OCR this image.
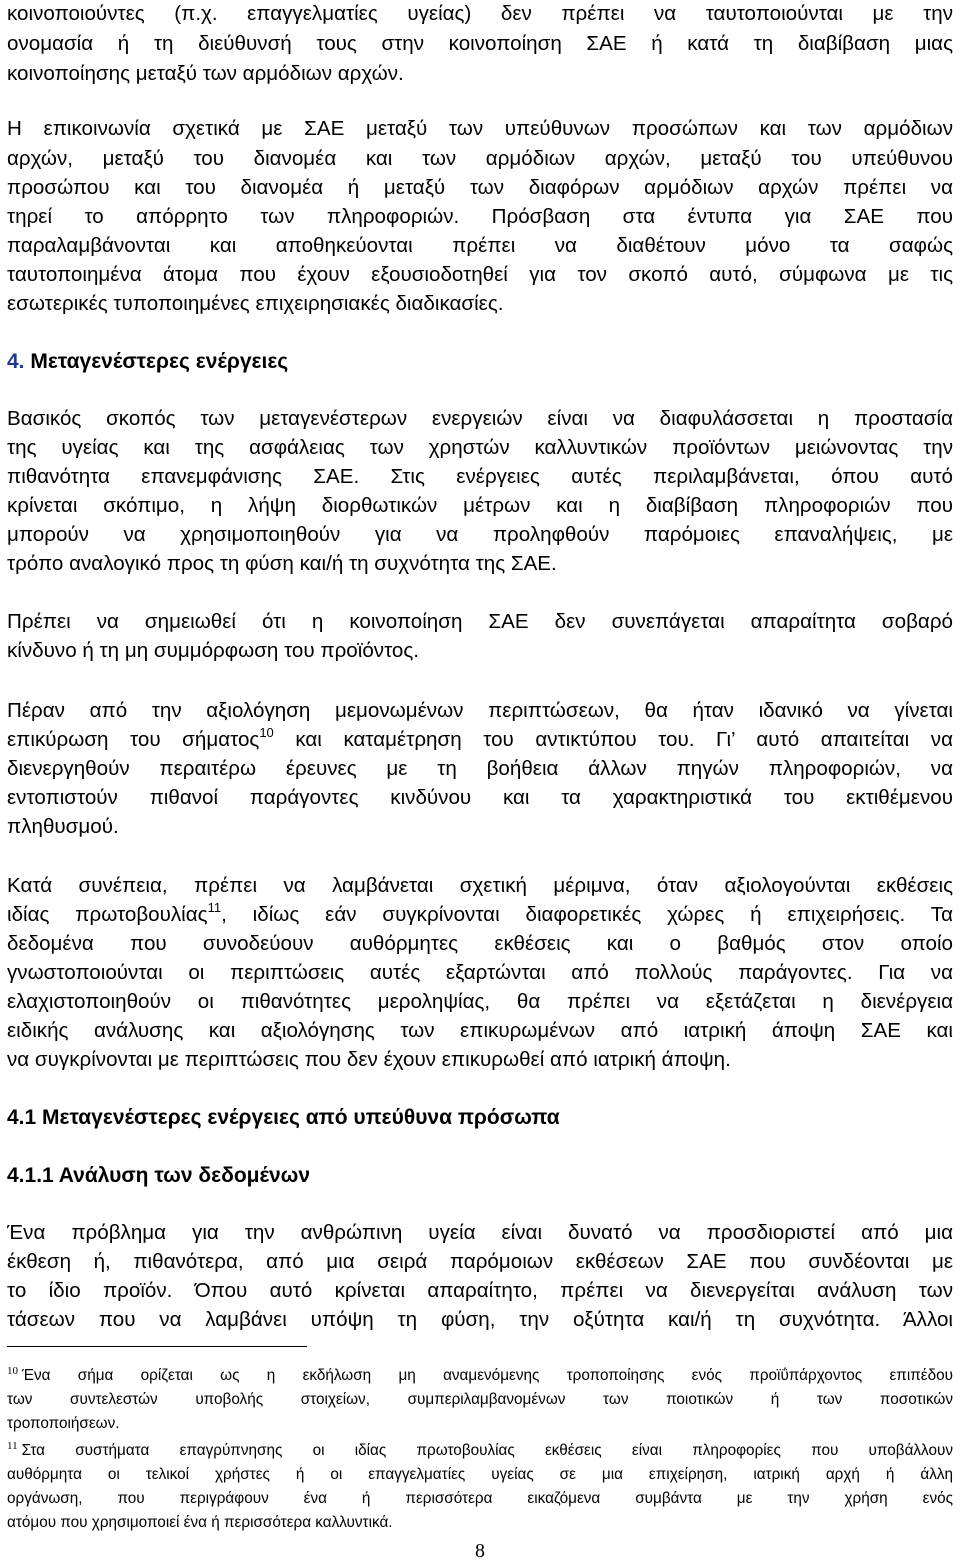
κοινοποιούντες (π.χ. επαγγελματίες υγείας) δεν πρέπει να ταυτοποιούνται με την
ονομασία ή τη διεύθυνσή τους στην κοινοποίηση ΣΑΕ ή κατά τη διαβίβαση μιας
κοινοποίησης μεταξύ των αρμόδιων αρχών.
Η επικοινωνία σχετικά με ΣΑΕ μεταξύ των υπεύθυνων προσώπων και των αρμόδιων
αρχών, μεταξύ του διανομέα και των αρμόδιων αρχών, μεταξύ του υπεύθυνου
προσώπου και του διανομέα ή μεταξύ των διαφόρων αρμόδιων αρχών πρέπει να
τηρεί το απόρρητο των πληροφοριών. Πρόσβαση στα έντυπα για ΣΑΕ που
παραλαμβάνονται και αποθηκεύονται πρέπει να διαθέτουν μόνο τα σαφώς
ταυτοποιημένα άτομα που έχουν εξουσιοδοτηθεί για τον σκοπό αυτό, σύμφωνα με τις
εσωτερικές τυποποιημένες επιχειρησιακές διαδικασίες.
4. Μεταγενέστερες ενέργειες
Βασικός σκοπός των μεταγενέστερων ενεργειών είναι να διαφυλάσσεται η προστασία
της υγείας και της ασφάλειας των χρηστών καλλυντικών προϊόντων μειώνοντας την
πιθανότητα επανεμφάνισης ΣΑΕ. Στις ενέργειες αυτές περιλαμβάνεται, όπου αυτό
κρίνεται σκόπιμο, η λήψη διορθωτικών μέτρων και η διαβίβαση πληροφοριών που
μπορούν να χρησιμοποιηθούν για να προληφθούν παρόμοιες επαναλήψεις, με
τρόπο αναλογικό προς τη φύση και/ή τη συχνότητα της ΣΑΕ.
Πρέπει να σημειωθεί ότι η κοινοποίηση ΣΑΕ δεν συνεπάγεται απαραίτητα σοβαρό
κίνδυνο ή τη μη συμμόρφωση του προϊόντος.
Πέραν από την αξιολόγηση μεμονωμένων περιπτώσεων, θα ήταν ιδανικό να γίνεται
επικύρωση του σήματος$^{10}$ και καταμέτρηση του αντικτύπου του. Γι’ αυτό απαιτείται να
διενεργηθούν περαιτέρω έρευνες με τη βοήθεια άλλων πηγών πληροφοριών, να
εντοπιστούν πιθανοί παράγοντες κινδύνου και τα χαρακτηριστικά του εκτιθέμενου
πληθυσμού.
Κατά συνέπεια, πρέπει να λαμβάνεται σχετική μέριμνα, όταν αξιολογούνται εκθέσεις
ιδίας πρωτοβουλίας$^{11}$, ιδίως εάν συγκρίνονται διαφορετικές χώρες ή επιχειρήσεις. Τα
δεδομένα που συνοδεύουν αυθόρμητες εκθέσεις και ο βαθμός στον οποίο
γνωστοποιούνται οι περιπτώσεις αυτές εξαρτώνται από πολλούς παράγοντες. Για να
ελαχιστοποιηθούν οι πιθανότητες μεροληψίας, θα πρέπει να εξετάζεται η διενέργεια
ειδικής ανάλυσης και αξιολόγησης των επικυρωμένων από ιατρική άποψη ΣΑΕ και
να συγκρίνονται με περιπτώσεις που δεν έχουν επικυρωθεί από ιατρική άποψη.
4.1 Μεταγενέστερες ενέργειες από υπεύθυνα πρόσωπα
4.1.1 Ανάλυση των δεδομένων
Ένα πρόβλημα για την ανθρώπινη υγεία είναι δυνατό να προσδιοριστεί από μια
έκθεση ή, πιθανότερα, από μια σειρά παρόμοιων εκθέσεων ΣΑΕ που συνδέονται με
το ίδιο προϊόν. Όπου αυτό κρίνεται απαραίτητο, πρέπει να διενεργείται ανάλυση των
τάσεων που να λαμβάνει υπόψη τη φύση, την οξύτητα και/ή τη συχνότητα. Άλλοι
$^{10}$ Ένα σήμα ορίζεται ως η εκδήλωση μη αναμενόμενης τροποποίησης ενός προϊΰπάρχοντος επιπέδου
των συντελεστών υποβολής στοιχείων, συμπεριλαμβανομένων των ποιοτικών ή των ποσοτικών
τροποποιήσεων.
$^{11}$ Στα συστήματα επαγρύπνησης οι ιδίας πρωτοβουλίας εκθέσεις είναι πληροφορίες που υποβάλλουν
αυθόρμητα οι τελικοί χρήστες ή οι επαγγελματίες υγείας σε μια επιχείρηση, ιατρική αρχή ή άλλη
οργάνωση, που περιγράφουν ένα ή περισσότερα εικαζόμενα συμβάντα με την χρήση ενός
ατόμου που χρησιμοποιεί ένα ή περισσότερα καλλυντικά.
8
